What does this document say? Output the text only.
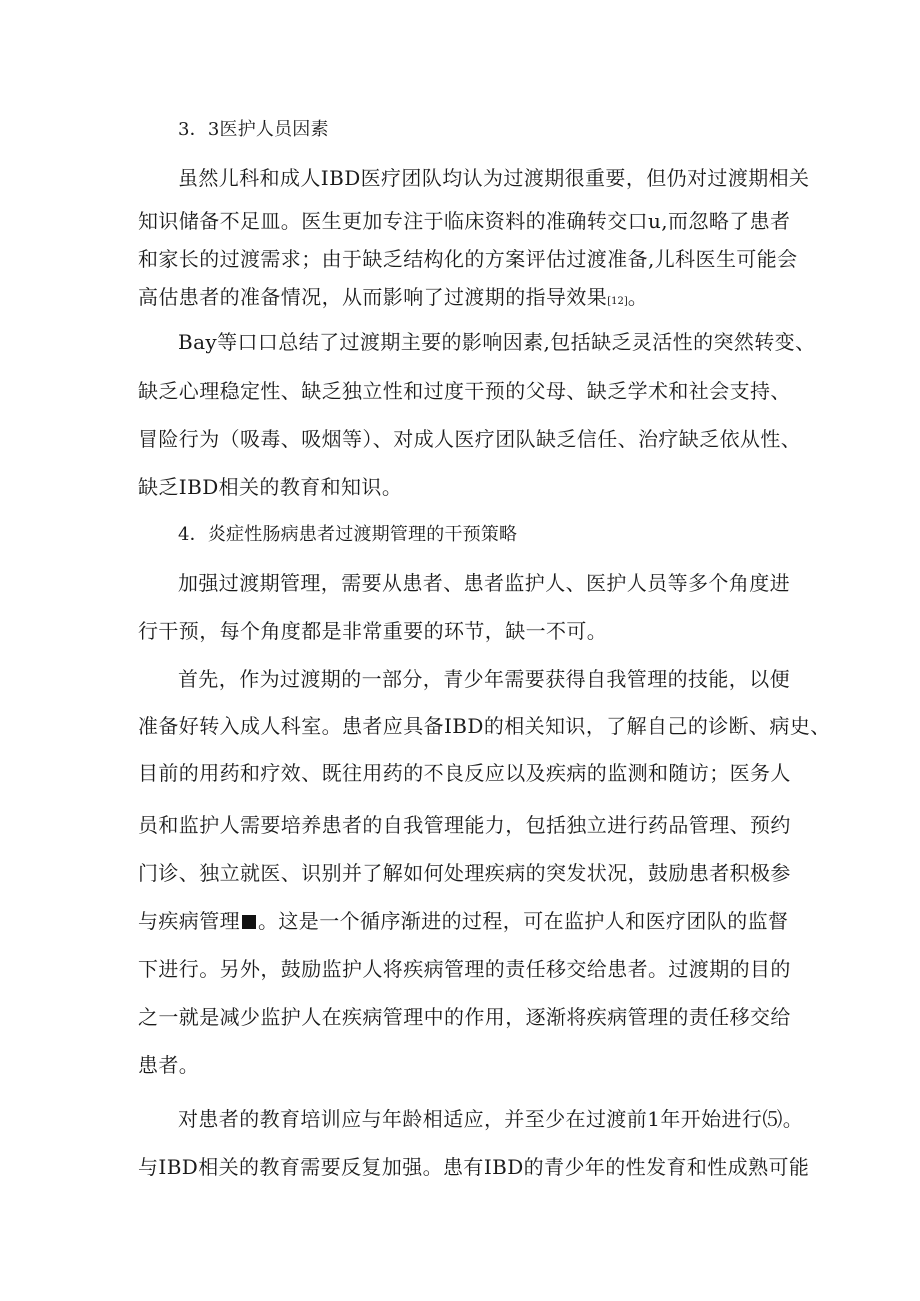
3．3医护人员因素
虽然儿科和成人IBD医疗团队均认为过渡期很重要，但仍对过渡期相关
知识储备不足皿。医生更加专注于临床资料的准确转交口u,而忽略了患者
和家长的过渡需求；由于缺乏结构化的方案评估过渡准备,儿科医生可能会
高估患者的准备情况，从而影响了过渡期的指导效果[12]。
Bay等口口总结了过渡期主要的影响因素,包括缺乏灵活性的突然转变、
缺乏心理稳定性、缺乏独立性和过度干预的父母、缺乏学术和社会支持、
冒险行为（吸毒、吸烟等）、对成人医疗团队缺乏信任、治疗缺乏依从性、
缺乏IBD相关的教育和知识。
4．炎症性肠病患者过渡期管理的干预策略
加强过渡期管理，需要从患者、患者监护人、医护人员等多个角度进
行干预，每个角度都是非常重要的环节，缺一不可。
首先，作为过渡期的一部分，青少年需要获得自我管理的技能，以便
准备好转入成人科室。患者应具备IBD的相关知识，了解自己的诊断、病史、
目前的用药和疗效、既往用药的不良反应以及疾病的监测和随访；医务人
员和监护人需要培养患者的自我管理能力，包括独立进行药品管理、预约
门诊、独立就医、识别并了解如何处理疾病的突发状况，鼓励患者积极参
与疾病管理 。这是一个循序渐进的过程，可在监护人和医疗团队的监督
下进行。另外，鼓励监护人将疾病管理的责任移交给患者。过渡期的目的
之一就是减少监护人在疾病管理中的作用，逐渐将疾病管理的责任移交给
患者。
对患者的教育培训应与年龄相适应，并至少在过渡前1年开始进行⑸。
与IBD相关的教育需要反复加强。患有IBD的青少年的性发育和性成熟可能
